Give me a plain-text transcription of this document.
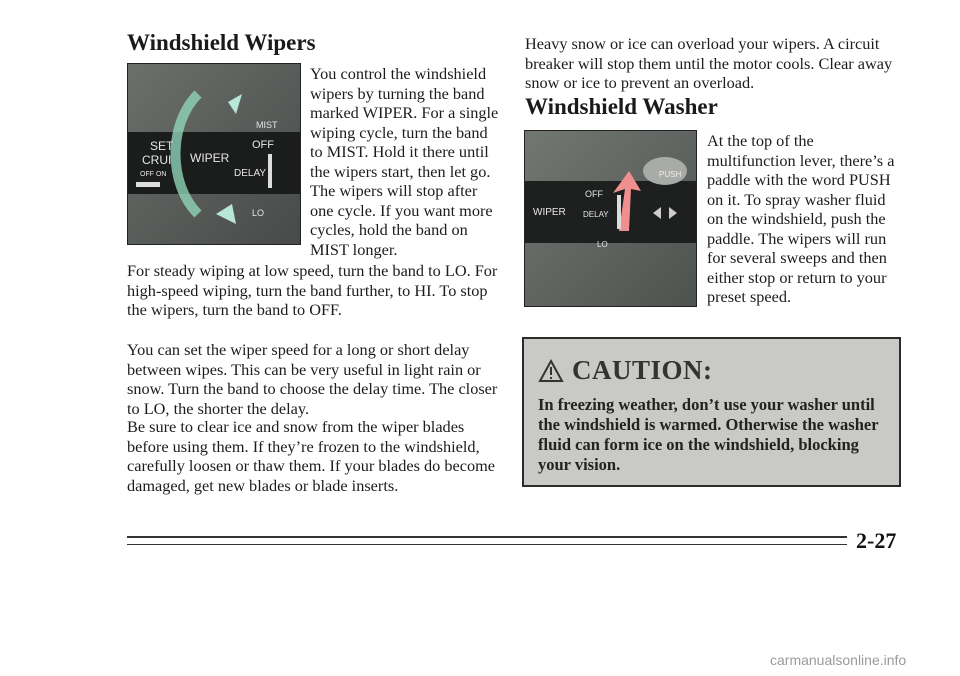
Windshield Wipers
MIST
OFF
SET
CRUI WIPER
DELAY
OFF ON
LO

You control the windshield wipers by turning the band marked WIPER. For a single wiping cycle, turn the band to MIST. Hold it there until the wipers start, then let go. The wipers will stop after one cycle. If you want more cycles, hold the band on MIST longer.

For steady wiping at low speed, turn the band to LO. For high-speed wiping, turn the band further, to HI. To stop the wipers, turn the band to OFF.

You can set the wiper speed for a long or short delay between wipes. This can be very useful in light rain or snow. Turn the band to choose the delay time. The closer to LO, the shorter the delay.

Be sure to clear ice and snow from the wiper blades before using them. If they’re frozen to the windshield, carefully loosen or thaw them. If your blades do become damaged, get new blades or blade inserts.

Heavy snow or ice can overload your wipers. A circuit breaker will stop them until the motor cools. Clear away snow or ice to prevent an overload.

Windshield Washer
PUSH
OFF
WIPER DELAY
LO

At the top of the multifunction lever, there’s a paddle with the word PUSH on it. To spray washer fluid on the windshield, push the paddle. The wipers will run for several sweeps and then either stop or return to your preset speed.

CAUTION:

In freezing weather, don’t use your washer until the windshield is warmed. Otherwise the washer fluid can form ice on the windshield, blocking your vision.

2-27
carmanualsonline.info
